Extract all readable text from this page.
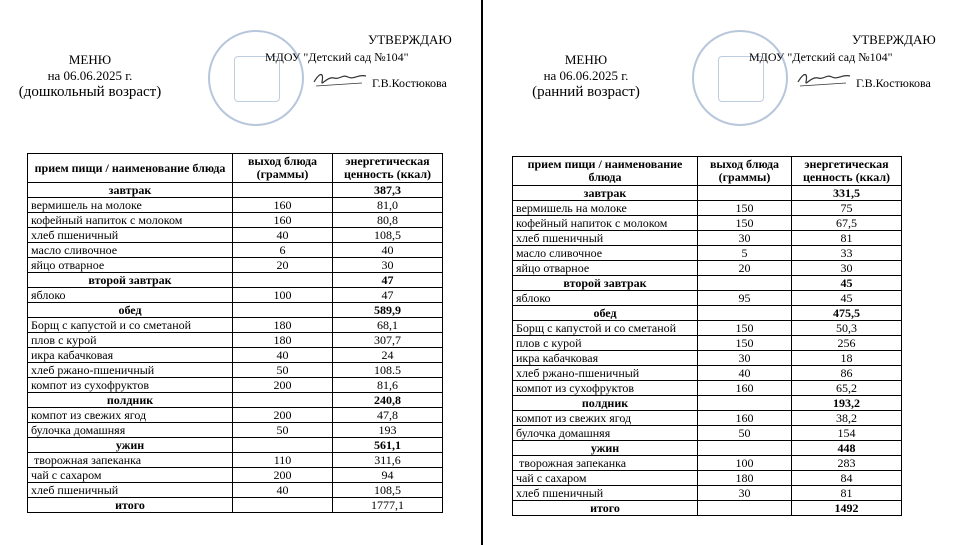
МЕНЮ
на 06.06.2025 г.
(дошкольный возраст)
УТВЕРЖДАЮ
МДОУ "Детский сад №104"
Г.В.Костюкова
прием пищи / наименование блюда	выход блюда (граммы)	энергетическая ценность (ккал)
завтрак		387,3
вермишель на молоке	160	81,0
кофейный напиток с молоком	160	80,8
хлеб пшеничный	40	108,5
масло сливочное	6	40
яйцо отварное	20	30
второй завтрак		47
яблоко	100	47
обед		589,9
Борщ с капустой и со сметаной	180	68,1
плов с курой	180	307,7
икра кабачковая	40	24
хлеб ржано-пшеничный	50	108.5
компот из сухофруктов	200	81,6
полдник		240,8
компот из свежих ягод	200	47,8
булочка домашняя	50	193
ужин		561,1
творожная запеканка	110	311,6
чай с сахаром	200	94
хлеб пшеничный	40	108,5
итого		1777,1
МЕНЮ
на 06.06.2025 г.
(ранний возраст)
УТВЕРЖДАЮ
МДОУ "Детский сад №104"
Г.В.Костюкова
прием пищи / наименование блюда	выход блюда (граммы)	энергетическая ценность (ккал)
завтрак		331,5
вермишель на молоке	150	75
кофейный напиток с молоком	150	67,5
хлеб пшеничный	30	81
масло сливочное	5	33
яйцо отварное	20	30
второй завтрак		45
яблоко	95	45
обед		475,5
Борщ с капустой и со сметаной	150	50,3
плов с курой	150	256
икра кабачковая	30	18
хлеб ржано-пшеничный	40	86
компот из сухофруктов	160	65,2
полдник		193,2
компот из свежих ягод	160	38,2
булочка домашняя	50	154
ужин		448
творожная запеканка	100	283
чай с сахаром	180	84
хлеб пшеничный	30	81
итого		1492
